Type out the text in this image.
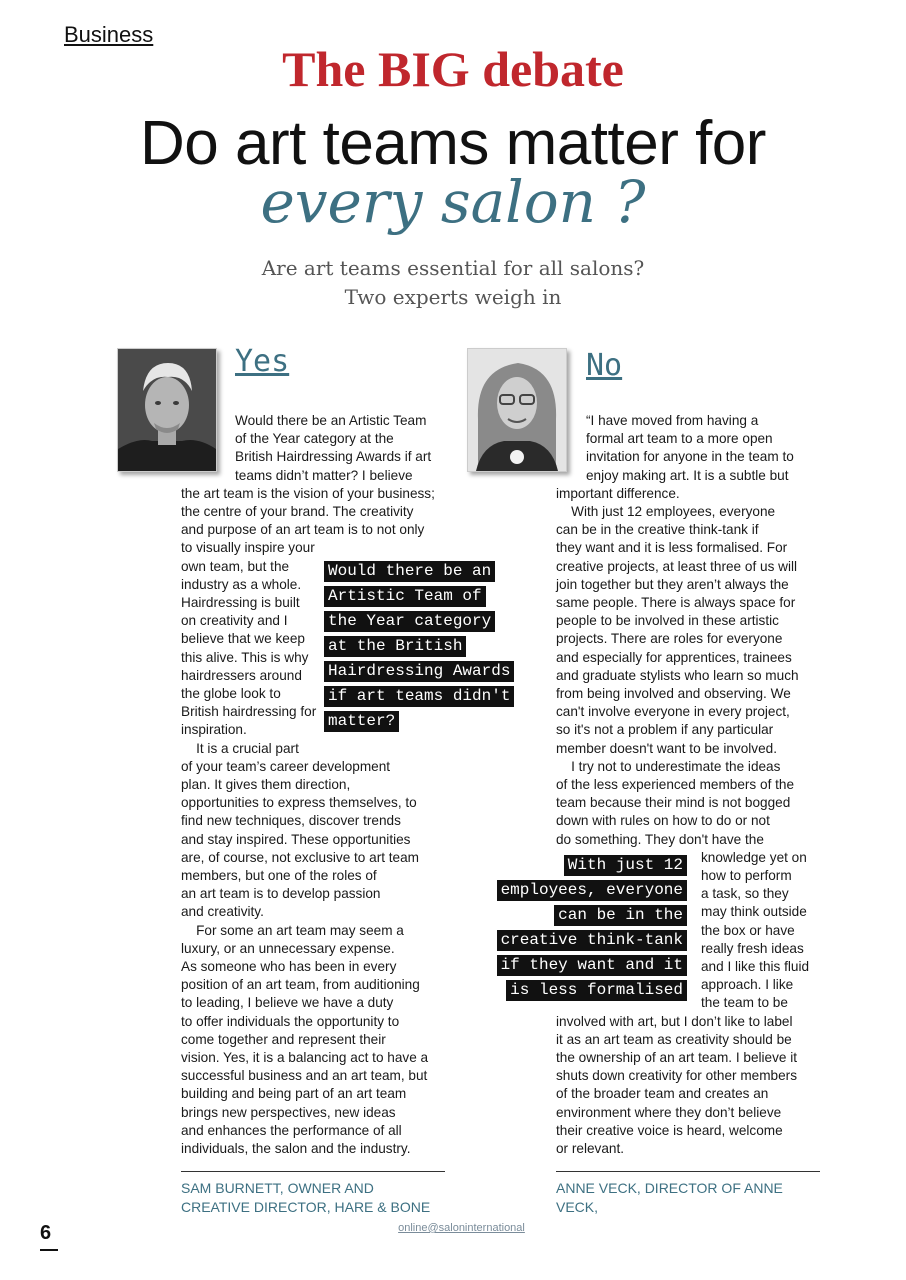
Business
The BIG debate
Do art teams matter for
every salon ?
Are art teams essential for all salons?
Two experts weigh in
Yes
Would there be an Artistic Team
of the Year category at the
British Hairdressing Awards if art
teams didn’t matter? I believe
the art team is the vision of your business;
the centre of your brand. The creativity
and purpose of an art team is to not only
to visually inspire your
own team, but the
industry as a whole.
Hairdressing is built
on creativity and I
believe that we keep
this alive. This is why
hairdressers around
the globe look to
British hairdressing for
inspiration.
It is a crucial part
of your team’s career development
plan. It gives them direction,
opportunities to express themselves, to
find new techniques, discover trends
and stay inspired. These opportunities
are, of course, not exclusive to art team
members, but one of the roles of
an art team is to develop passion
and creativity.
For some an art team may seem a
luxury, or an unnecessary expense.
As someone who has been in every
position of an art team, from auditioning
to leading, I believe we have a duty
to offer individuals the opportunity to
come together and represent their
vision. Yes, it is a balancing act to have a
successful business and an art team, but
building and being part of an art team
brings new perspectives, new ideas
and enhances the performance of all
individuals, the salon and the industry.
Would there be an
Artistic Team of
the Year category
at the British
Hairdressing Awards
if art teams didn't
matter?
SAM BURNETT, OWNER AND
CREATIVE DIRECTOR, HARE & BONE
No
“I have moved from having a
formal art team to a more open
invitation for anyone in the team to
enjoy making art. It is a subtle but
important difference.
With just 12 employees, everyone
can be in the creative think-tank if
they want and it is less formalised. For
creative projects, at least three of us will
join together but they aren’t always the
same people. There is always space for
people to be involved in these artistic
projects. There are roles for everyone
and especially for apprentices, trainees
and graduate stylists who learn so much
from being involved and observing. We
can't involve everyone in every project,
so it's not a problem if any particular
member doesn't want to be involved.
I try not to underestimate the ideas
of the less experienced members of the
team because their mind is not bogged
down with rules on how to do or not
do something. They don't have the
knowledge yet on
how to perform
a task, so they
may think outside
the box or have
really fresh ideas
and I like this fluid
approach. I like
the team to be
involved with art, but I don’t like to label
it as an art team as creativity should be
the ownership of an art team. I believe it
shuts down creativity for other members
of the broader team and creates an
environment where they don’t believe
their creative voice is heard, welcome
or relevant.
With just 12
employees, everyone
can be in the
creative think-tank
if they want and it
is less formalised
ANNE VECK, DIRECTOR OF ANNE
VECK,
6	online@saloninternational
